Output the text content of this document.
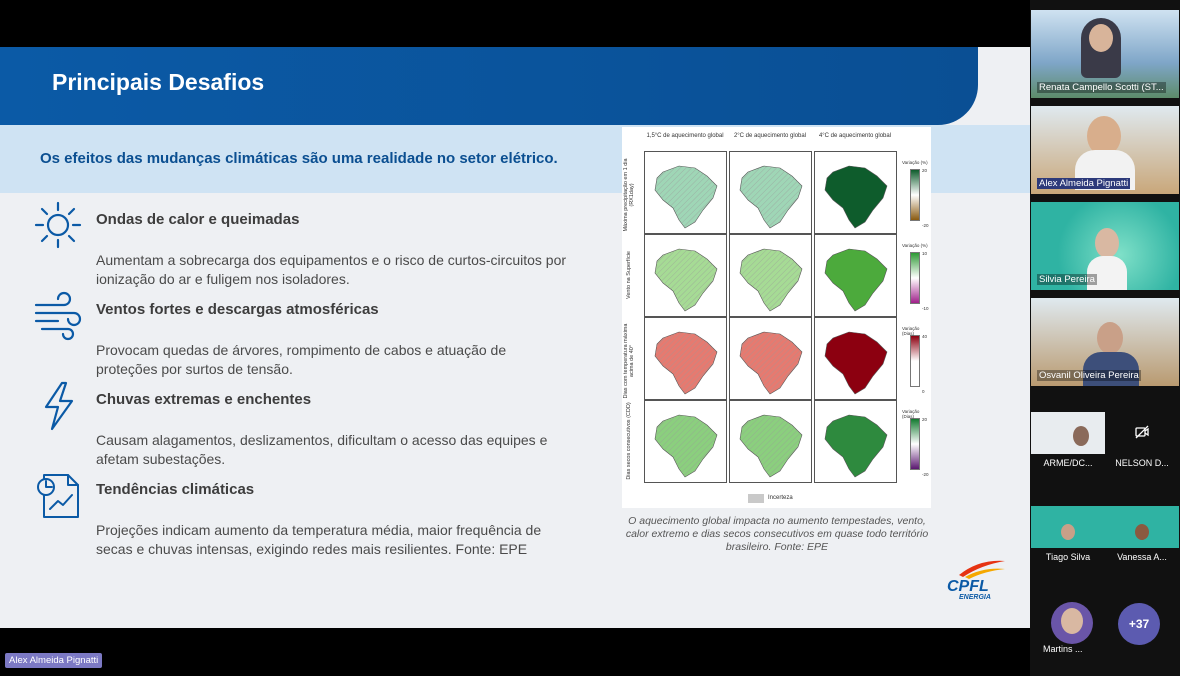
Principais Desafios

Os efeitos das mudanças climáticas são uma realidade no setor elétrico.

Ondas de calor e queimadas

Aumentam a sobrecarga dos equipamentos e o risco de curtos-circuitos por ionização do ar e fuligem nos isoladores.

Ventos fortes e descargas atmosféricas

Provocam quedas de árvores, rompimento de cabos e atuação de proteções por surtos de tensão.

Chuvas extremas e enchentes

Causam alagamentos, deslizamentos, dificultam o acesso das equipes e afetam subestações.

Tendências climáticas

Projeções indicam aumento da temperatura média, maior frequência de secas e chuvas intensas, exigindo redes mais resilientes. Fonte: EPE

1,5°C de aquecimento global	2°C de aquecimento global	4°C de aquecimento global
Máxima precipitação em 1 dia (RX1day)
Variação (%)
20
-20
Vento na Superfície
Variação (%)
10
-10
Dias com temperatura máxima acima de 40°
Variação (Dias)
40
0
Dias secos consecutivos (CDD)	Variação (Dias)
20
-20
Incerteza
O aquecimento global impacta no aumento tempestades, vento, calor extremo e dias secos consecutivos em quase todo território brasileiro. Fonte: EPE
CPFL
ENERGIA
Alex Almeida Pignatti
Renata Campello Scotti (ST...
Alex Almeida Pignatti
Silvia Pereira
Osvanil Oliveira Pereira
ARME/DC...	NELSON D...
Tiago Silva	Vanessa A...
Martins ...
+37
